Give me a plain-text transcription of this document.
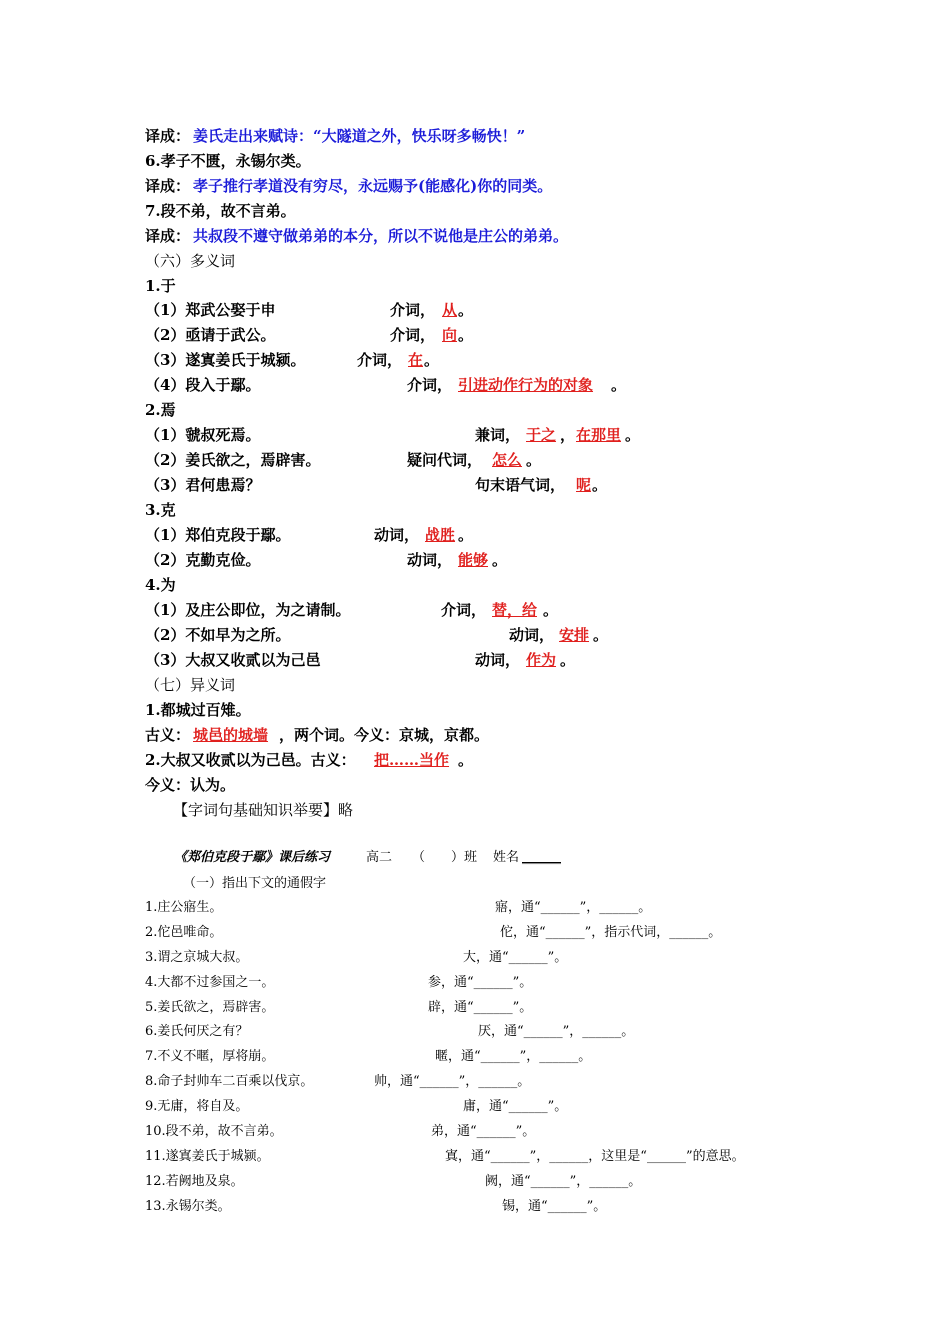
译成： 姜氏走出来赋诗：“大隧道之外，快乐呀多畅快！”
6.孝子不匮，永锡尔类。
译成： 孝子推行孝道没有穷尽，永远赐予(能感化)你的同类。
7.段不弟，故不言弟。
译成： 共叔段不遵守做弟弟的本分，所以不说他是庄公的弟弟。
（六）多义词
1.于
（1）郑武公娶于申	介词， 从 。
（2）亟请于武公。	介词， 向 。
（3）遂寘姜氏于城颍。	介词， 在 。
（4）段入于鄢。	介词， 引进动作行为的对象 。
2.焉
（1）虢叔死焉。	兼词， 于之 ， 在那里 。
（2）姜氏欲之，焉辟害。	疑问代词， 怎么 。
（3）君何患焉？	句末语气词， 呢 。
3.克
（1）郑伯克段于鄢。	动词， 战胜 。
（2）克勤克俭。	动词， 能够 。
4.为
（1）及庄公即位，为之请制。	介词， 替，给 。
（2）不如早为之所。	动词， 安排 。
（3）大叔又收贰以为己邑	动词， 作为 。
（七）异义词
1.都城过百雉。
古义： 城邑的城墙 ，两个词。今义：京城，京都。
2.大叔又收贰以为己邑。古义： 把……当作 。
今义：认为。
【字词句基础知识举要】略
《郑伯克段于鄢》课后练习	高二 （　　）班 姓名 ______
（一）指出下文的通假字
1.庄公寤生。	寤，通“______”，______。
2.佗邑唯命。	佗，通“______”，指示代词，______。
3.谓之京城大叔。	大，通“______”。
4.大都不过参国之一。	参，通“______”。
5.姜氏欲之，焉辟害。	辟，通“______”。
6.姜氏何厌之有？	厌，通“______”，______。
7.不义不暱，厚将崩。	暱，通“______”，______。
8.命子封帅车二百乘以伐京。	帅，通“______”，______。
9.无庸，将自及。	庸，通“______”。
10.段不弟，故不言弟。	弟，通“______”。
11.遂寘姜氏于城颍。	寘，通“______”，______，这里是“______”的意思。
12.若阙地及泉。	阙，通“______”，______。
13.永锡尔类。	锡，通“______”。
